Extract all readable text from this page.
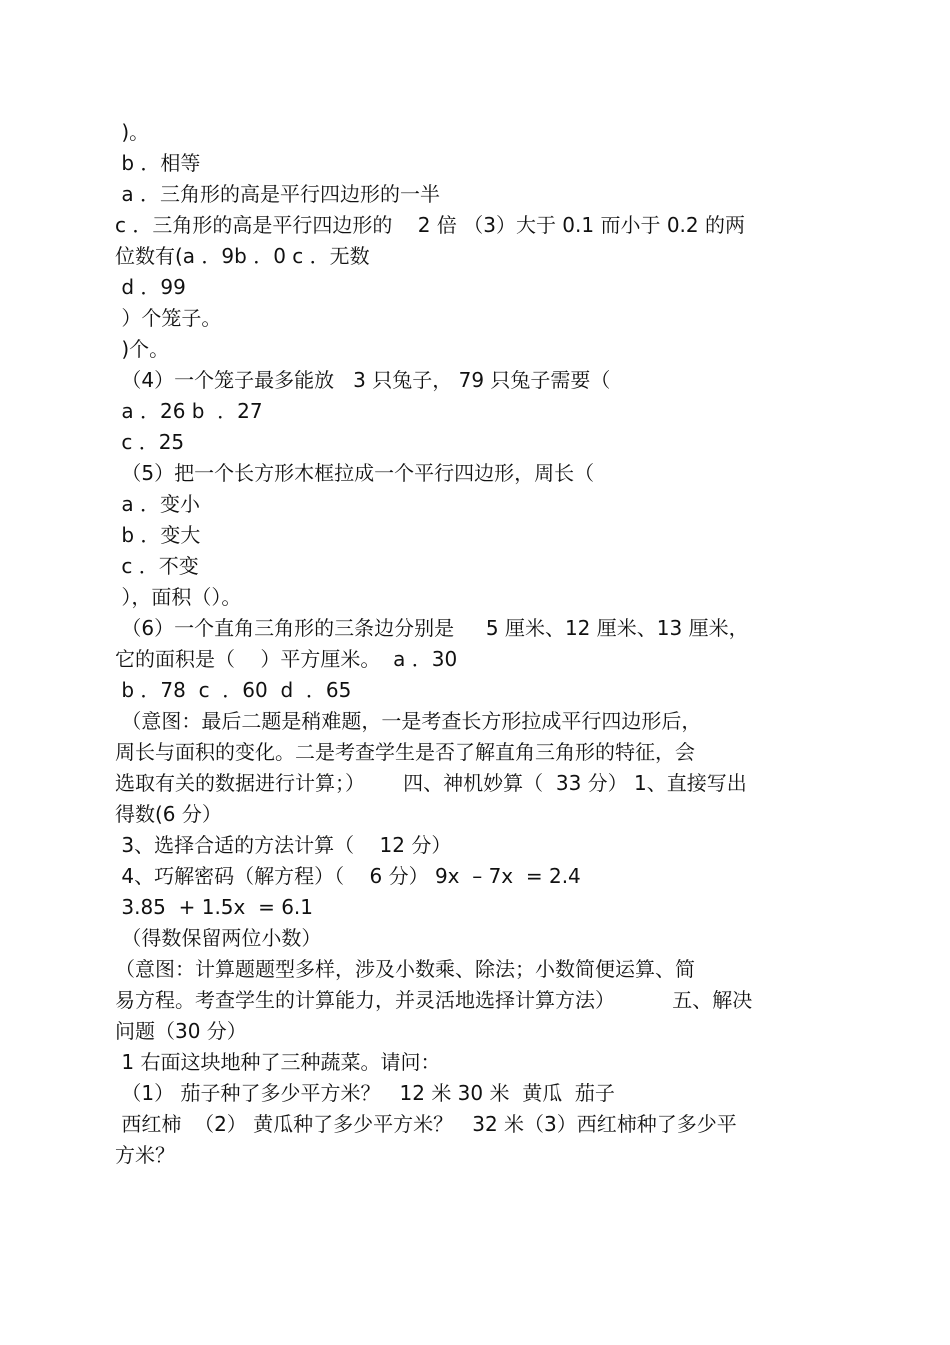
)。
b ．相等
a ．三角形的高是平行四边形的一半
c ．三角形的高是平行四边形的    2 倍 （3）大于 0.1 而小于 0.2 的两
位数有(a ．9b ．0 c ．无数
d ．99
）个笼子。
)个。
（4）一个笼子最多能放   3 只兔子， 79 只兔子需要（
a ．26 b  ．27
c ．25
（5）把一个长方形木框拉成一个平行四边形，周长（
a ．变小
b ．变大
c ．不变
），面积（）。
（6）一个直角三角形的三条边分别是     5 厘米、12 厘米、13 厘米，
它的面积是（    ）平方厘米。  a ．30
b ．78  c  ．60  d  ．65
（意图：最后二题是稍难题，一是考查长方形拉成平行四边形后，
周长与面积的变化。二是考查学生是否了解直角三角形的特征，会
选取有关的数据进行计算；）      四、神机妙算（  33 分） 1、直接写出
得数(6 分）
3、选择合适的方法计算（    12 分）
4、巧解密码（解方程）（    6 分） 9x  – 7x  = 2.4
3.85  + 1.5x  = 6.1
（得数保留两位小数）
（意图：计算题题型多样，涉及小数乘、除法；小数简便运算、简
易方程。考查学生的计算能力，并灵活地选择计算方法）         五、解决
问题（30 分）
1 右面这块地种了三种蔬菜。请问：
（1） 茄子种了多少平方米？   12 米 30 米  黄瓜  茄子
西红柿  （2） 黄瓜种了多少平方米？   32 米（3）西红柿种了多少平
方米？
